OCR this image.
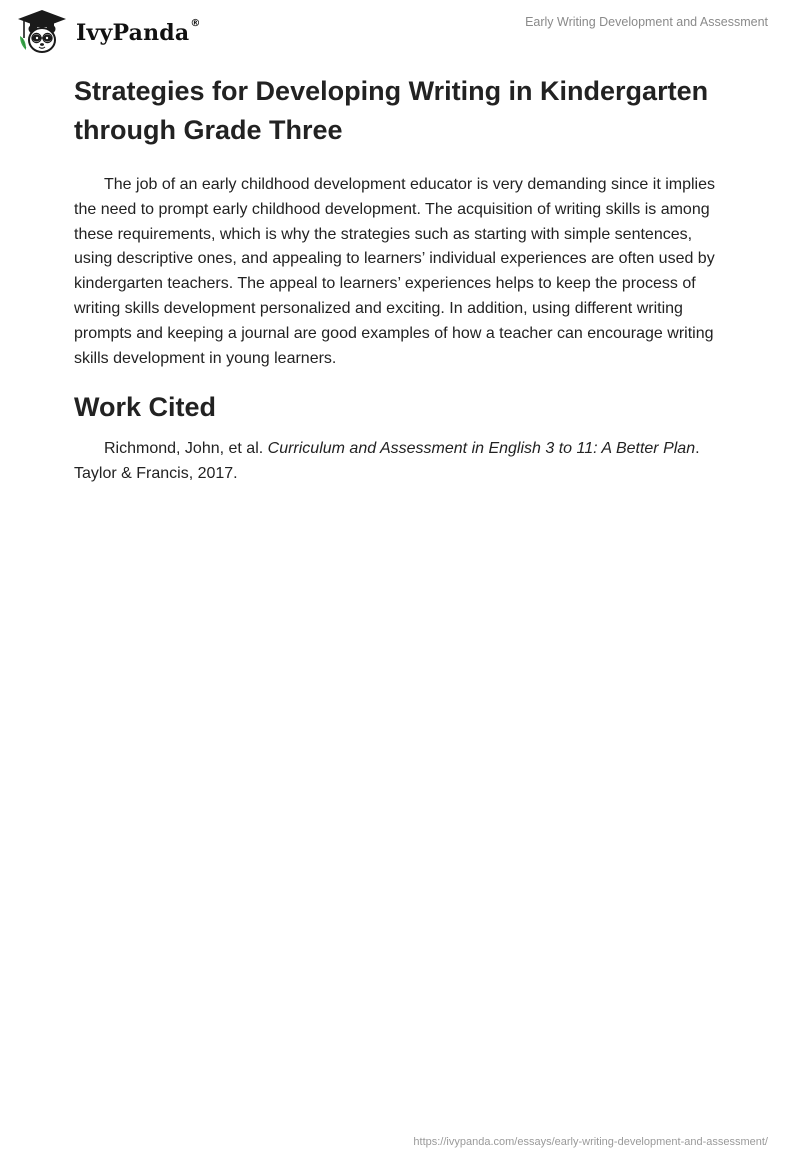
IvyPanda®	Early Writing Development and Assessment
Strategies for Developing Writing in Kindergarten through Grade Three

The job of an early childhood development educator is very demanding since it implies the need to prompt early childhood development. The acquisition of writing skills is among these requirements, which is why the strategies such as starting with simple sentences, using descriptive ones, and appealing to learners’ individual experiences are often used by kindergarten teachers. The appeal to learners’ experiences helps to keep the process of writing skills development personalized and exciting. In addition, using different writing prompts and keeping a journal are good examples of how a teacher can encourage writing skills development in young learners.

Work Cited

Richmond, John, et al. Curriculum and Assessment in English 3 to 11: A Better Plan. Taylor & Francis, 2017.

https://ivypanda.com/essays/early-writing-development-and-assessment/
